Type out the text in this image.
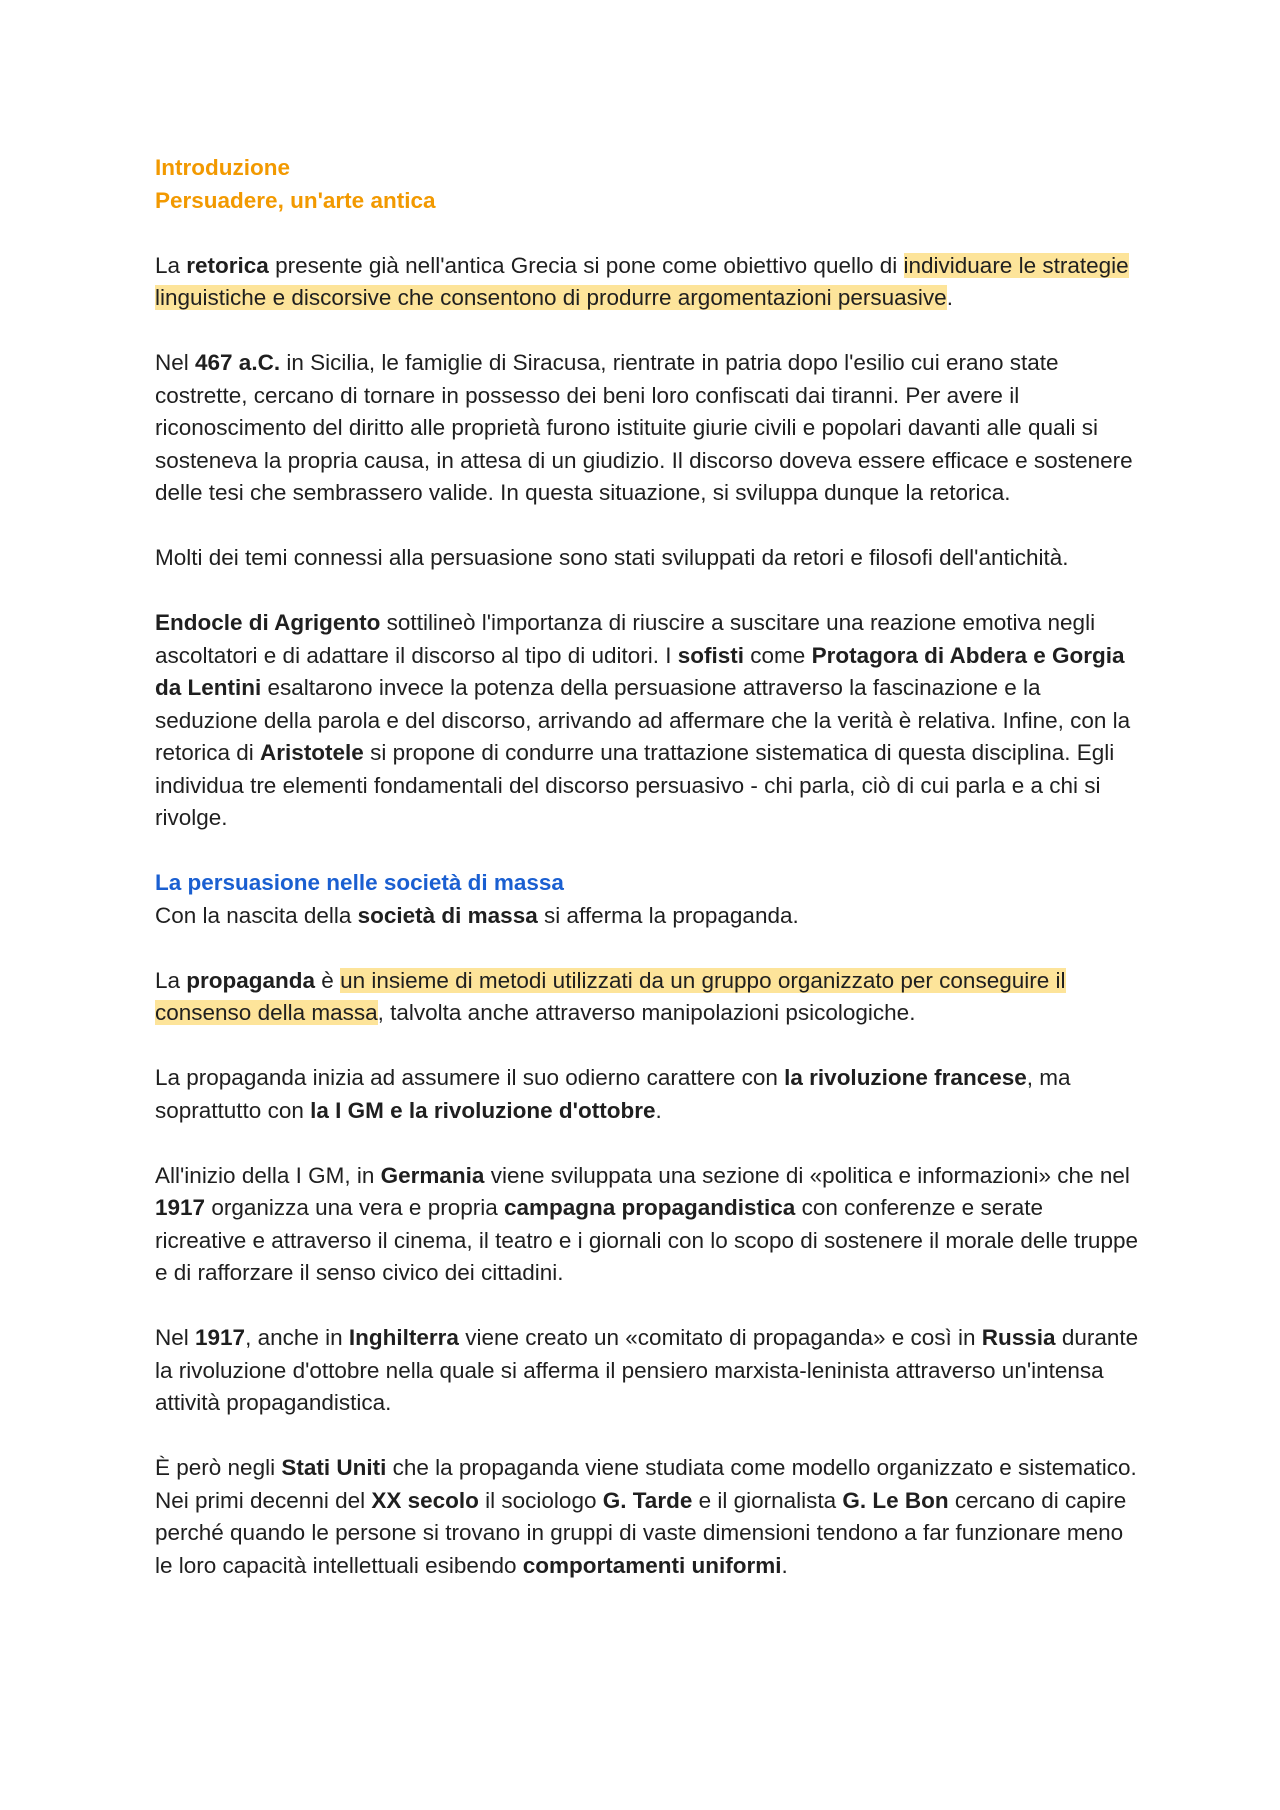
Introduzione

Persuadere, un'arte antica

La retorica presente già nell'antica Grecia si pone come obiettivo quello di individuare le strategie linguistiche e discorsive che consentono di produrre argomentazioni persuasive.

Nel 467 a.C. in Sicilia, le famiglie di Siracusa, rientrate in patria dopo l'esilio cui erano state costrette, cercano di tornare in possesso dei beni loro confiscati dai tiranni. Per avere il riconoscimento del diritto alle proprietà furono istituite giurie civili e popolari davanti alle quali si sosteneva la propria causa, in attesa di un giudizio. Il discorso doveva essere efficace e sostenere delle tesi che sembrassero valide. In questa situazione, si sviluppa dunque la retorica.

Molti dei temi connessi alla persuasione sono stati sviluppati da retori e filosofi dell'antichità.

Endocle di Agrigento sottilineò l'importanza di riuscire a suscitare una reazione emotiva negli ascoltatori e di adattare il discorso al tipo di uditori. I sofisti come Protagora di Abdera e Gorgia da Lentini esaltarono invece la potenza della persuasione attraverso la fascinazione e la seduzione della parola e del discorso, arrivando ad affermare che la verità è relativa. Infine, con la retorica di Aristotele si propone di condurre una trattazione sistematica di questa disciplina. Egli individua tre elementi fondamentali del discorso persuasivo - chi parla, ciò di cui parla e a chi si rivolge.

La persuasione nelle società di massa

Con la nascita della società di massa si afferma la propaganda.

La propaganda è un insieme di metodi utilizzati da un gruppo organizzato per conseguire il consenso della massa, talvolta anche attraverso manipolazioni psicologiche.

La propaganda inizia ad assumere il suo odierno carattere con la rivoluzione francese, ma soprattutto con la I GM e la rivoluzione d'ottobre.

All'inizio della I GM, in Germania viene sviluppata una sezione di «politica e informazioni» che nel 1917 organizza una vera e propria campagna propagandistica con conferenze e serate ricreative e attraverso il cinema, il teatro e i giornali con lo scopo di sostenere il morale delle truppe e di rafforzare il senso civico dei cittadini.

Nel 1917, anche in Inghilterra viene creato un «comitato di propaganda» e così in Russia durante la rivoluzione d'ottobre nella quale si afferma il pensiero marxista-leninista attraverso un'intensa attività propagandistica.

È però negli Stati Uniti che la propaganda viene studiata come modello organizzato e sistematico. Nei primi decenni del XX secolo il sociologo G. Tarde e il giornalista G. Le Bon cercano di capire perché quando le persone si trovano in gruppi di vaste dimensioni tendono a far funzionare meno le loro capacità intellettuali esibendo comportamenti uniformi.
